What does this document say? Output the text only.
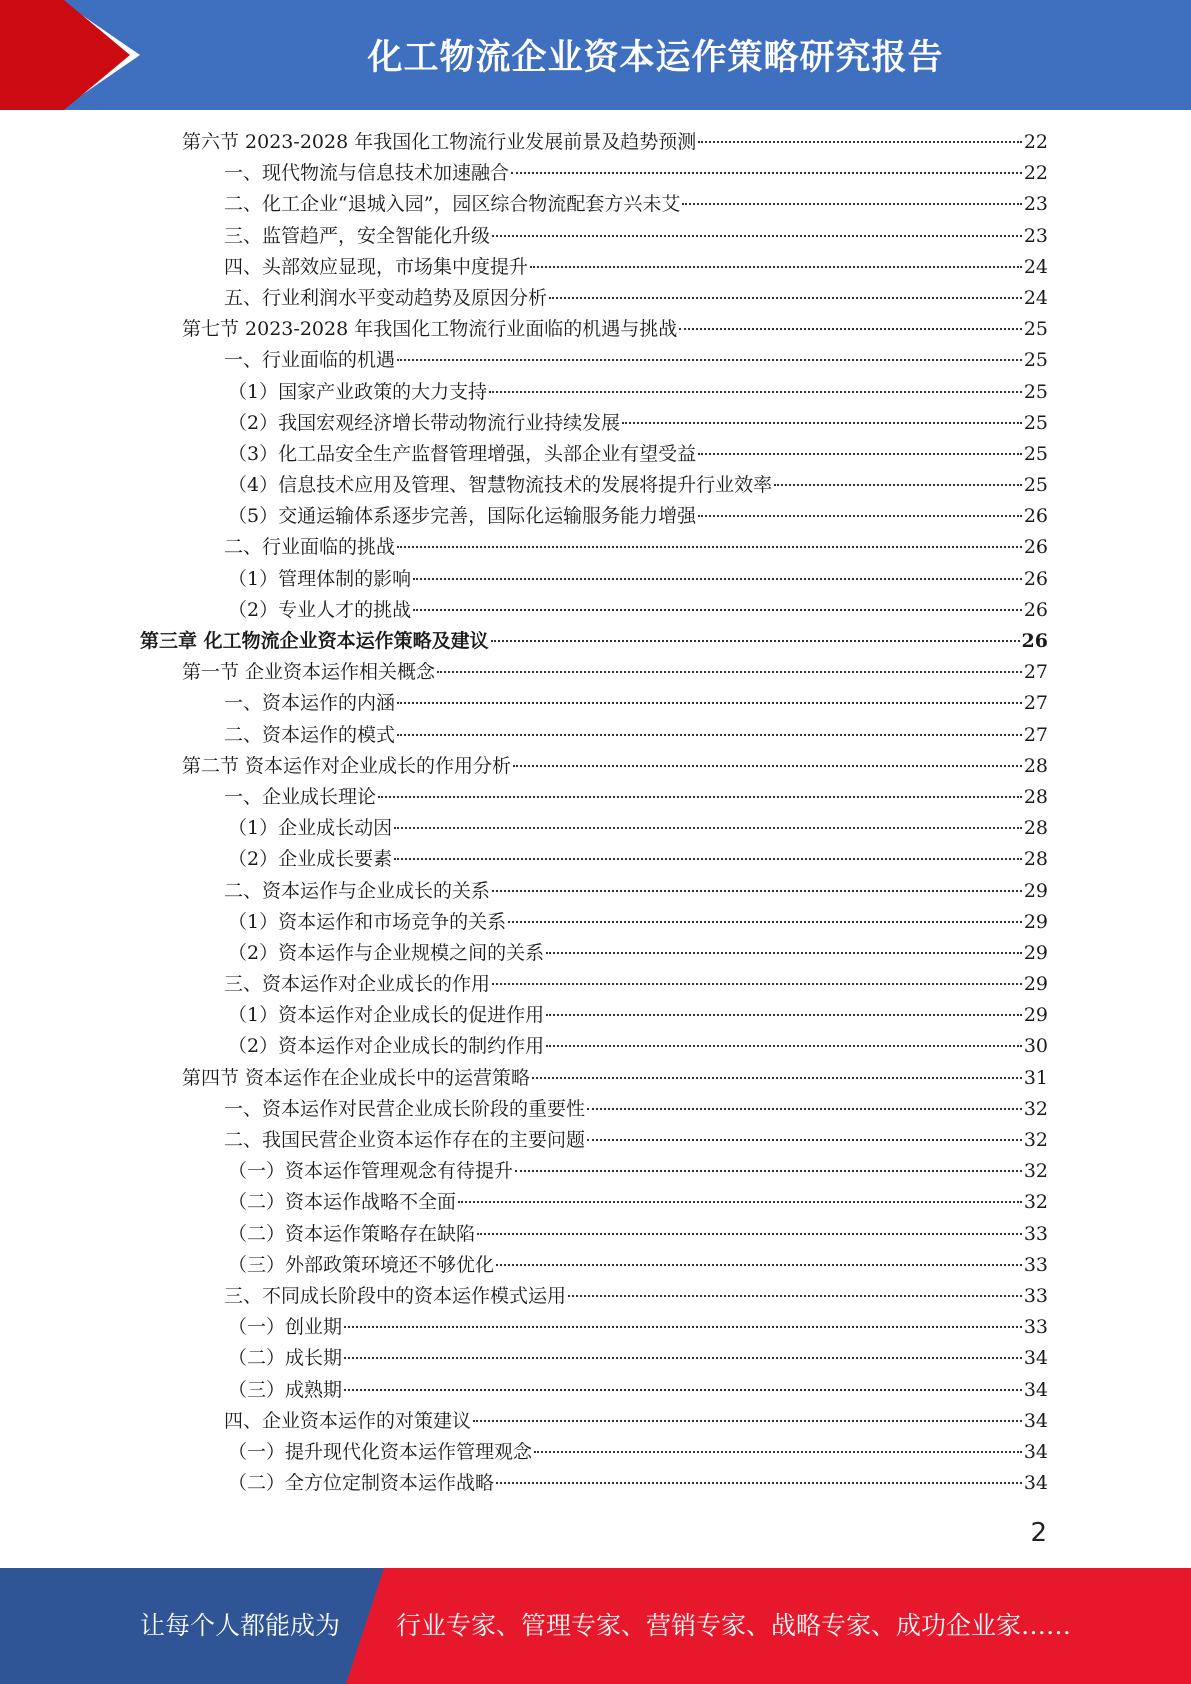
化工物流企业资本运作策略研究报告
第六节 2023-2028 年我国化工物流行业发展前景及趋势预测	22
一、现代物流与信息技术加速融合	22
二、化工企业“退城入园”，园区综合物流配套方兴未艾	23
三、监管趋严，安全智能化升级	23
四、头部效应显现，市场集中度提升	24
五、行业利润水平变动趋势及原因分析	24
第七节 2023-2028 年我国化工物流行业面临的机遇与挑战	25
一、行业面临的机遇	25
（1）国家产业政策的大力支持	25
（2）我国宏观经济增长带动物流行业持续发展	25
（3）化工品安全生产监督管理增强，头部企业有望受益	25
（4）信息技术应用及管理、智慧物流技术的发展将提升行业效率	25
（5）交通运输体系逐步完善，国际化运输服务能力增强	26
二、行业面临的挑战	26
（1）管理体制的影响	26
（2）专业人才的挑战	26
第三章 化工物流企业资本运作策略及建议	26
第一节 企业资本运作相关概念	27
一、资本运作的内涵	27
二、资本运作的模式	27
第二节 资本运作对企业成长的作用分析	28
一、企业成长理论	28
（1）企业成长动因	28
（2）企业成长要素	28
二、资本运作与企业成长的关系	29
（1）资本运作和市场竞争的关系	29
（2）资本运作与企业规模之间的关系	29
三、资本运作对企业成长的作用	29
（1）资本运作对企业成长的促进作用	29
（2）资本运作对企业成长的制约作用	30
第四节 资本运作在企业成长中的运营策略	31
一、资本运作对民营企业成长阶段的重要性	32
二、我国民营企业资本运作存在的主要问题	32
（一）资本运作管理观念有待提升	32
（二）资本运作战略不全面	32
（二）资本运作策略存在缺陷	33
（三）外部政策环境还不够优化	33
三、不同成长阶段中的资本运作模式运用	33
（一）创业期	33
（二）成长期	34
（三）成熟期	34
四、企业资本运作的对策建议	34
（一）提升现代化资本运作管理观念	34
（二）全方位定制资本运作战略	34
2
让每个人都能成为 行业专家、管理专家、营销专家、战略专家、成功企业家……
